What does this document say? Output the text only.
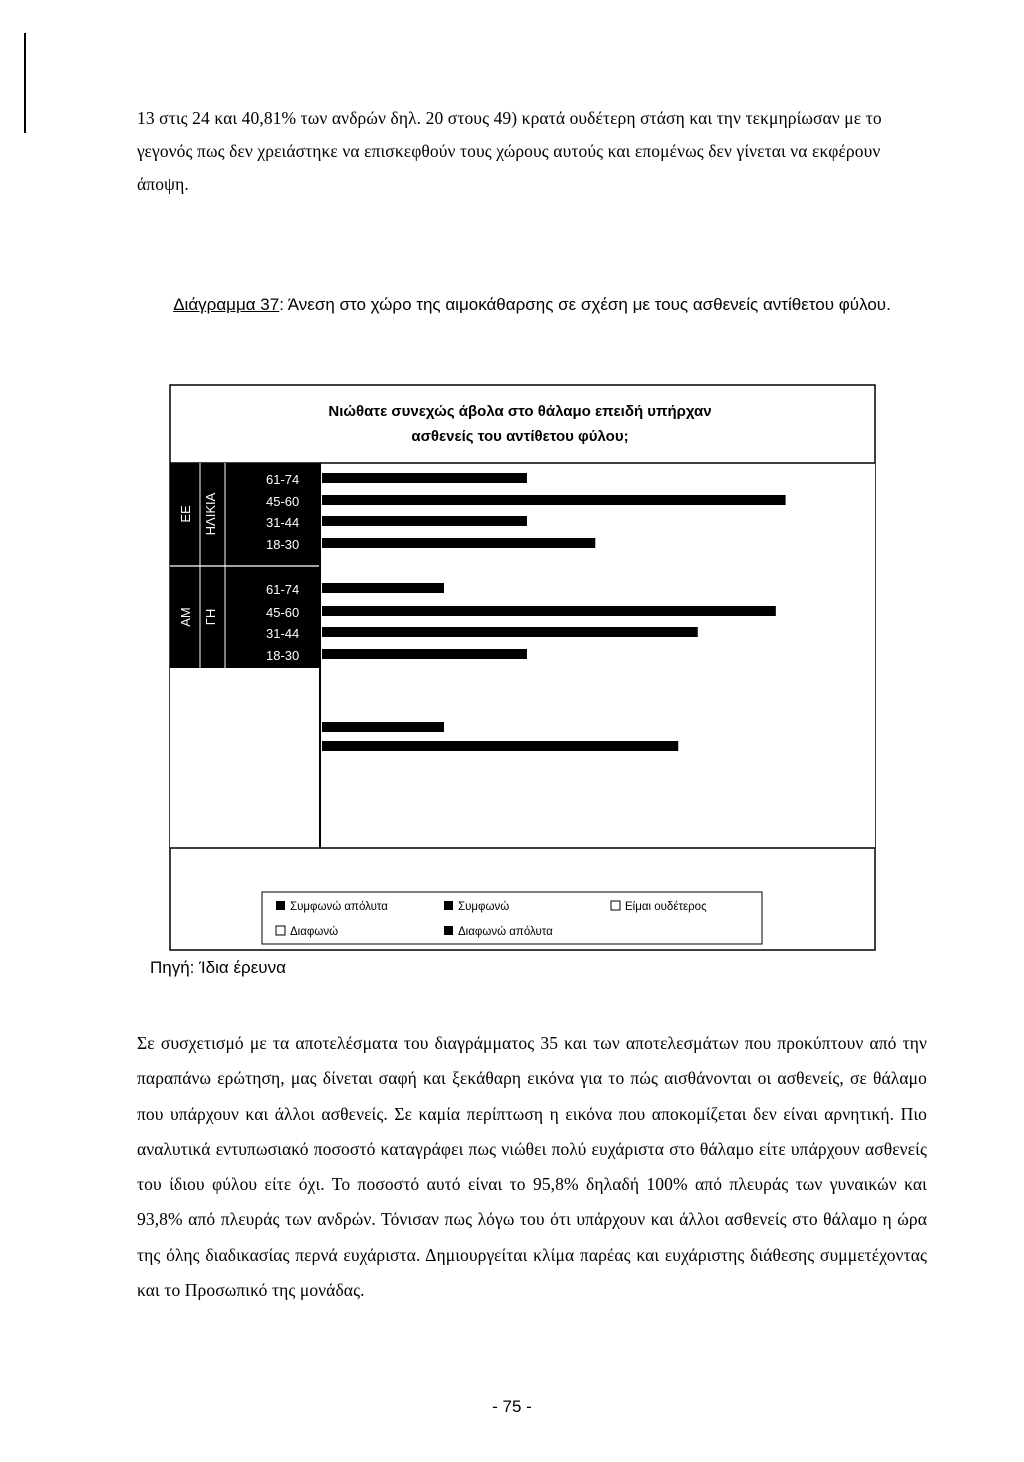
13 στις 24 και 40,81% των ανδρών δηλ. 20 στους 49) κρατά ουδέτερη στάση και την τεκμηρίωσαν με το γεγονός πως δεν χρειάστηκε να επισκεφθούν τους χώρους αυτούς και επομένως δεν γίνεται να εκφέρουν άποψη.

Διάγραμμα 37: Άνεση στο χώρο της αιμοκάθαρσης σε σχέση με τους ασθενείς αντίθετου φύλου.
Νιώθατε συνεχώς άβολα στο θάλαμο επειδή υπήρχαν
ασθενείς του αντίθετου φύλου;
ΕΕ ΗΛΙΚΙΑ
ΑΜ ΓΗ
61-74
45-60
31-44
18-30
61-74
45-60
31-44
18-30
Συμφωνώ απόλυτα	Συμφωνώ	Είμαι ουδέτερος
Διαφωνώ	Διαφωνώ απόλυτα
Πηγή: Ίδια έρευνα

Σε συσχετισμό με τα αποτελέσματα του διαγράμματος 35 και των αποτελεσμάτων που προκύπτουν από την παραπάνω ερώτηση, μας δίνεται σαφή και ξεκάθαρη εικόνα για το πώς αισθάνονται οι ασθενείς, σε θάλαμο που υπάρχουν και άλλοι ασθενείς. Σε καμία περίπτωση η εικόνα που αποκομίζεται δεν είναι αρνητική. Πιο αναλυτικά εντυπωσιακό ποσοστό καταγράφει πως νιώθει πολύ ευχάριστα στο θάλαμο είτε υπάρχουν ασθενείς του ίδιου φύλου είτε όχι. Το ποσοστό αυτό είναι το 95,8% δηλαδή 100% από πλευράς των γυναικών και 93,8% από πλευράς των ανδρών. Τόνισαν πως λόγω του ότι υπάρχουν και άλλοι ασθενείς στο θάλαμο η ώρα της όλης διαδικασίας περνά ευχάριστα. Δημιουργείται κλίμα παρέας και ευχάριστης διάθεσης συμμετέχοντας και το Προσωπικό της μονάδας.

- 75 -
